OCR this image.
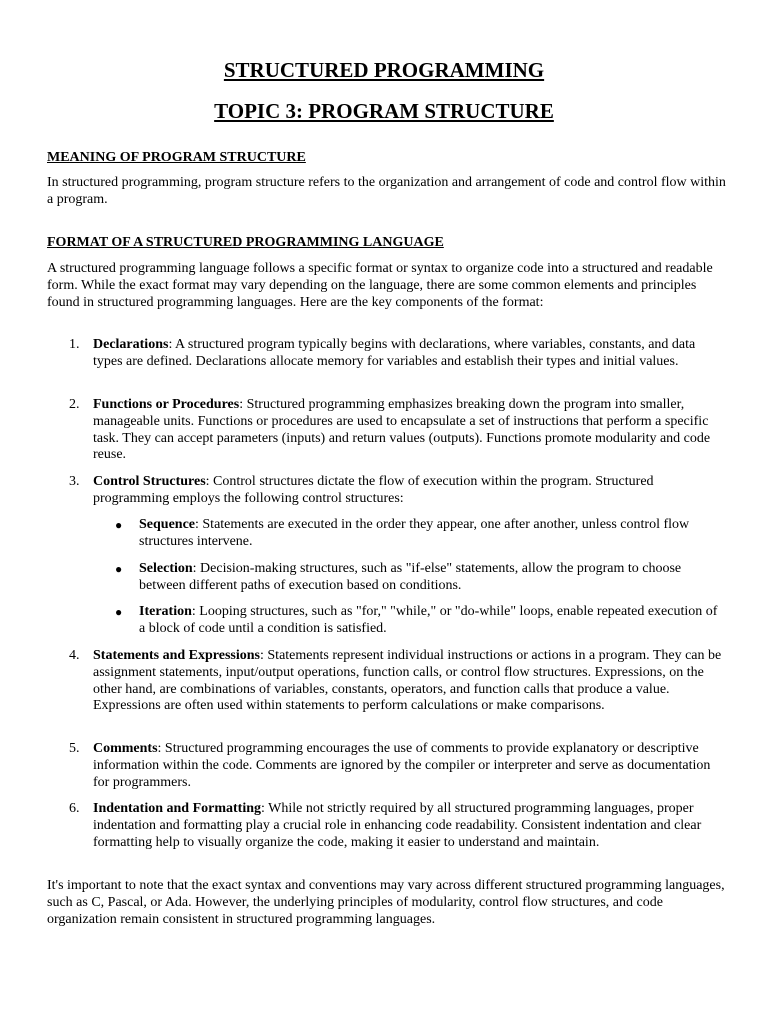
STRUCTURED PROGRAMMING
TOPIC 3: PROGRAM STRUCTURE
MEANING OF PROGRAM STRUCTURE

In structured programming, program structure refers to the organization and arrangement of code and control flow within a program.

FORMAT OF A STRUCTURED PROGRAMMING LANGUAGE

A structured programming language follows a specific format or syntax to organize code into a structured and readable form. While the exact format may vary depending on the language, there are some common elements and principles found in structured programming languages. Here are the key components of the format:

1. Declarations: A structured program typically begins with declarations, where variables, constants, and data types are defined. Declarations allocate memory for variables and establish their types and initial values.
2. Functions or Procedures: Structured programming emphasizes breaking down the program into smaller, manageable units. Functions or procedures are used to encapsulate a set of instructions that perform a specific task. They can accept parameters (inputs) and return values (outputs). Functions promote modularity and code reuse.
3. Control Structures: Control structures dictate the flow of execution within the program. Structured programming employs the following control structures:
● Sequence: Statements are executed in the order they appear, one after another, unless control flow structures intervene.
● Selection: Decision-making structures, such as "if-else" statements, allow the program to choose between different paths of execution based on conditions.
● Iteration: Looping structures, such as "for," "while," or "do-while" loops, enable repeated execution of a block of code until a condition is satisfied.
4. Statements and Expressions: Statements represent individual instructions or actions in a program. They can be assignment statements, input/output operations, function calls, or control flow structures. Expressions, on the other hand, are combinations of variables, constants, operators, and function calls that produce a value. Expressions are often used within statements to perform calculations or make comparisons.
5. Comments: Structured programming encourages the use of comments to provide explanatory or descriptive information within the code. Comments are ignored by the compiler or interpreter and serve as documentation for programmers.
6. Indentation and Formatting: While not strictly required by all structured programming languages, proper indentation and formatting play a crucial role in enhancing code readability. Consistent indentation and clear formatting help to visually organize the code, making it easier to understand and maintain.

It's important to note that the exact syntax and conventions may vary across different structured programming languages, such as C, Pascal, or Ada. However, the underlying principles of modularity, control flow structures, and code organization remain consistent in structured programming languages.
